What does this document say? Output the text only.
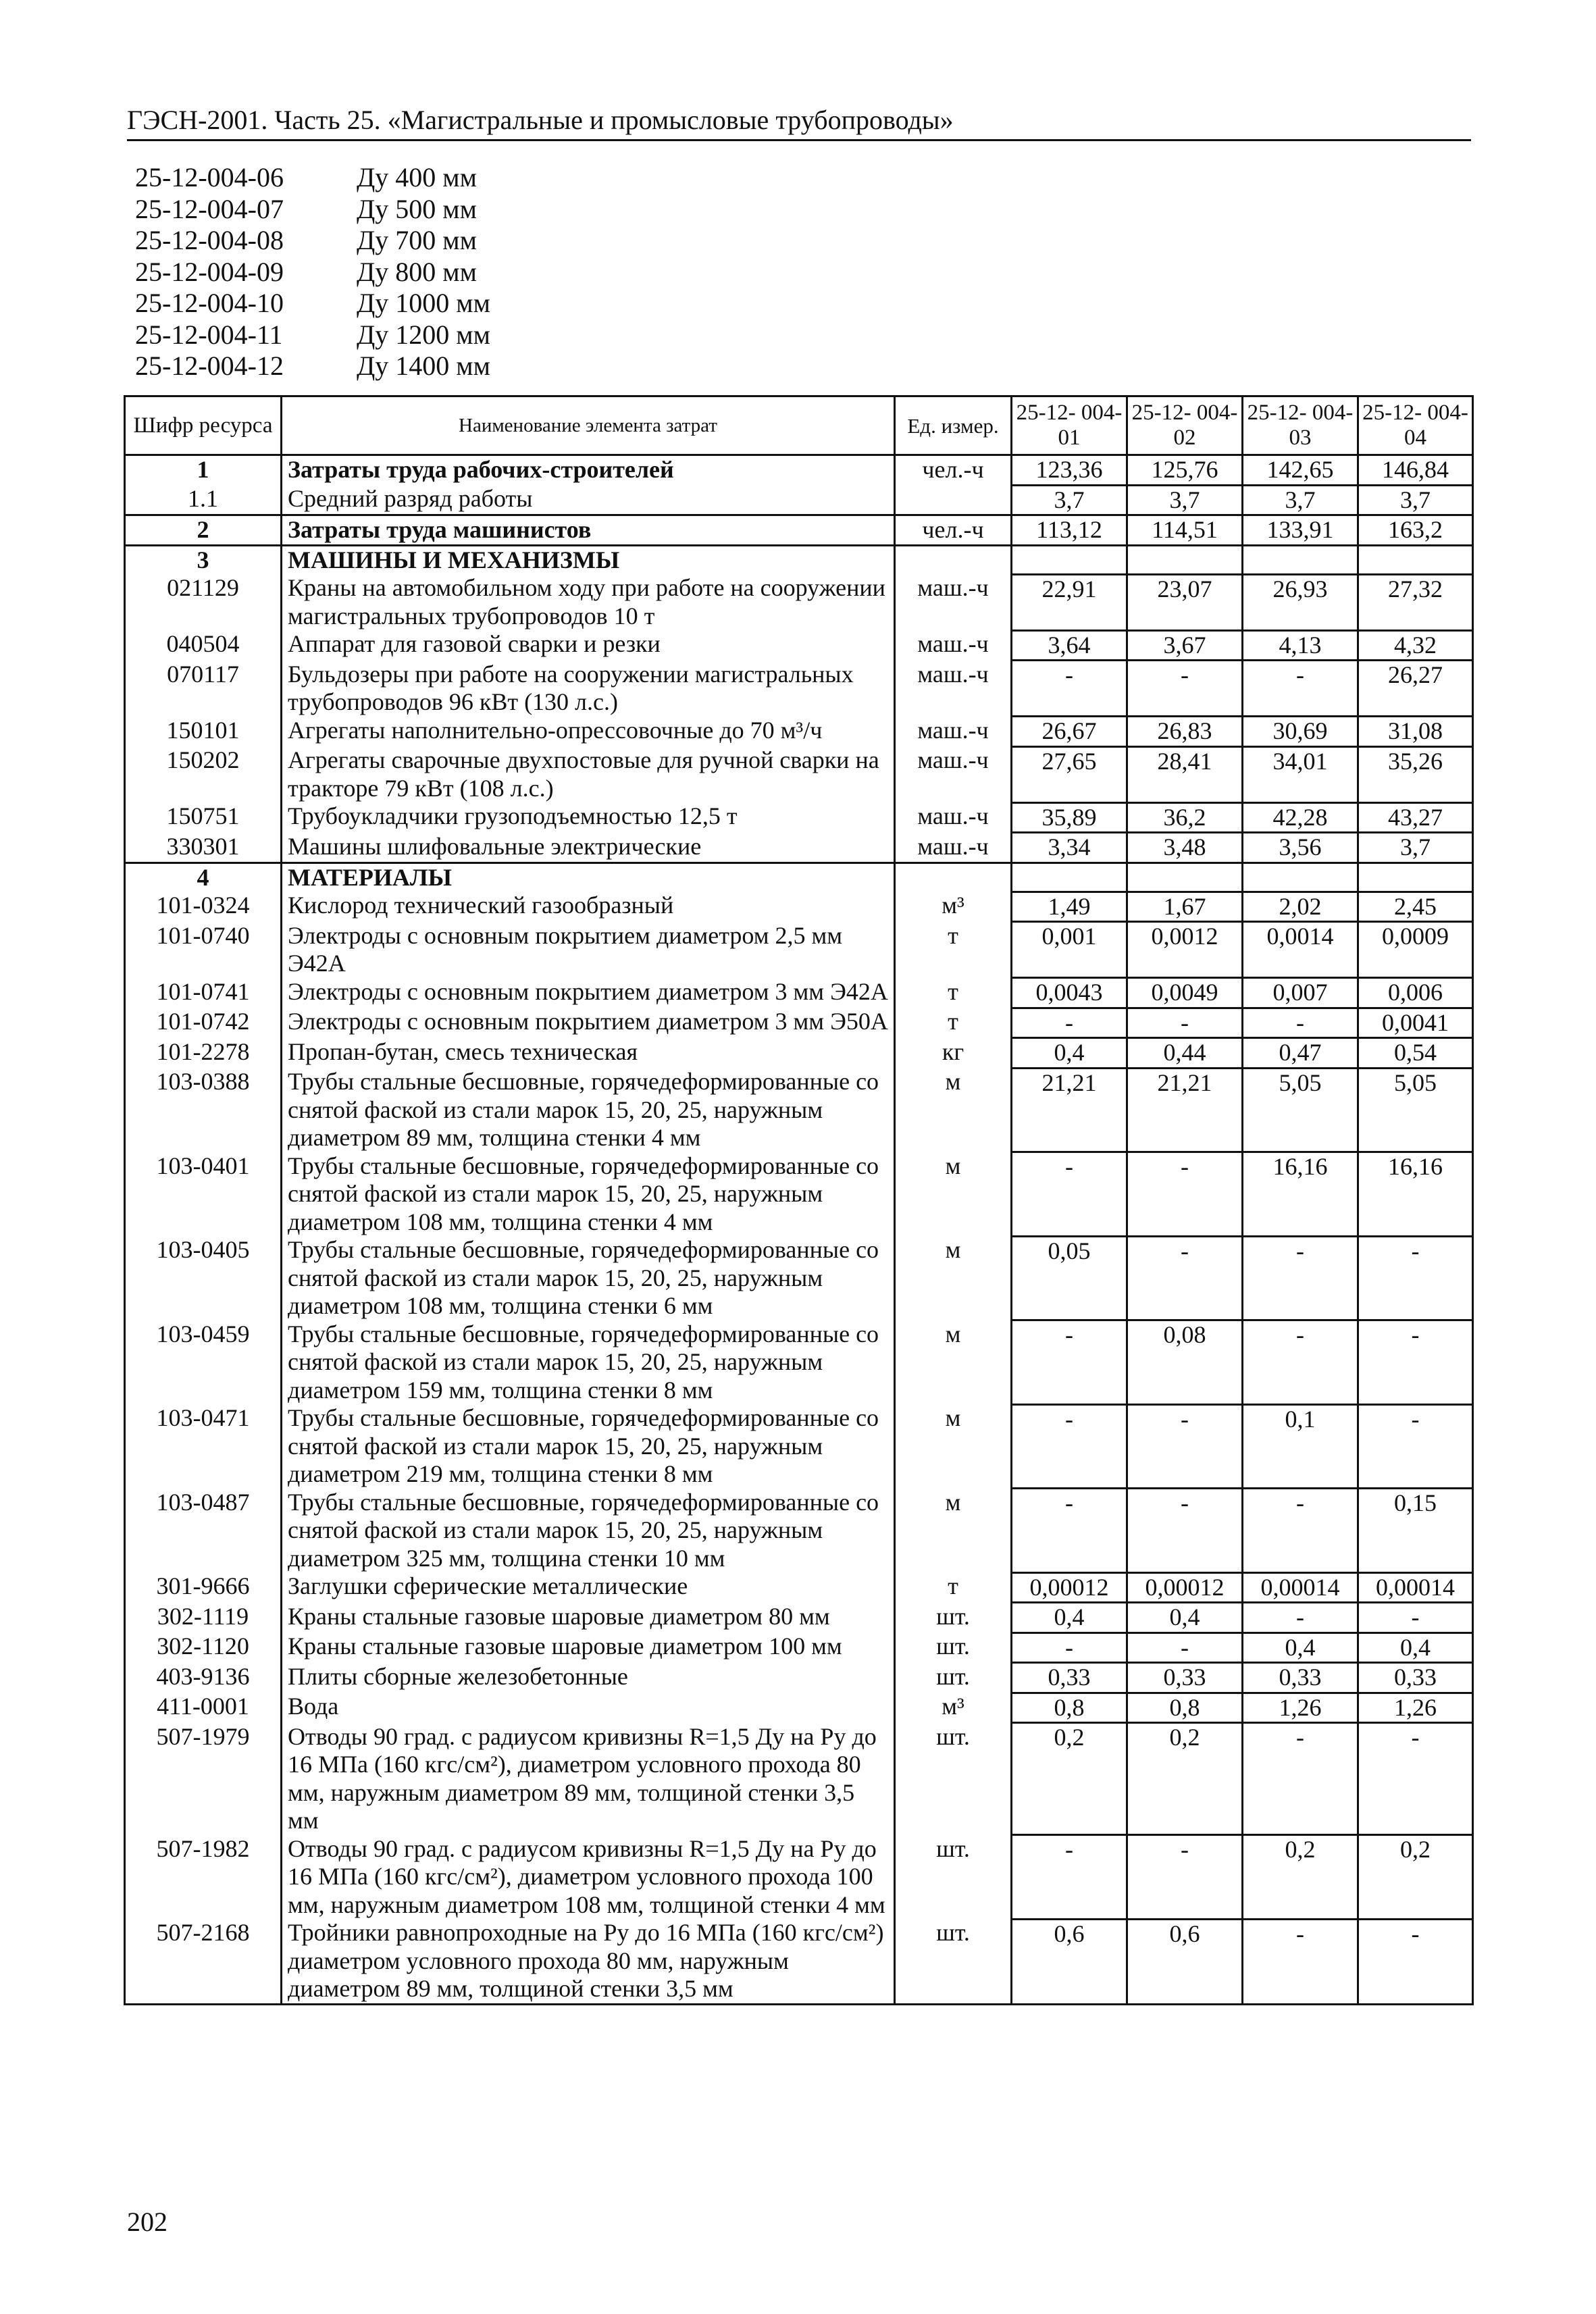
ГЭСН-2001. Часть 25. «Магистральные и промысловые трубопроводы»
25-12-004-06	Ду 400 мм
25-12-004-07	Ду 500 мм
25-12-004-08	Ду 700 мм
25-12-004-09	Ду 800 мм
25-12-004-10	Ду 1000 мм
25-12-004-11	Ду 1200 мм
25-12-004-12	Ду 1400 мм
Шифр ресурса	Наименование элемента затрат	Ед. измер.	25-12- 004-01	25-12- 004-02	25-12- 004-03	25-12- 004-04
1	Затраты труда рабочих-строителей	чел.-ч	123,36	125,76	142,65	146,84
1.1	Средний разряд работы		3,7	3,7	3,7	3,7
2	Затраты труда машинистов	чел.-ч	113,12	114,51	133,91	163,2
3	МАШИНЫ И МЕХАНИЗМЫ					
021129	Краны на автомобильном ходу при работе на сооружении магистральных трубопроводов 10 т	маш.-ч	22,91	23,07	26,93	27,32
040504	Аппарат для газовой сварки и резки	маш.-ч	3,64	3,67	4,13	4,32
070117	Бульдозеры при работе на сооружении магистральных трубопроводов 96 кВт (130 л.с.)	маш.-ч	-	-	-	26,27
150101	Агрегаты наполнительно-опрессовочные до 70 м³/ч	маш.-ч	26,67	26,83	30,69	31,08
150202	Агрегаты сварочные двухпостовые для ручной сварки на тракторе 79 кВт (108 л.с.)	маш.-ч	27,65	28,41	34,01	35,26
150751	Трубоукладчики грузоподъемностью 12,5 т	маш.-ч	35,89	36,2	42,28	43,27
330301	Машины шлифовальные электрические	маш.-ч	3,34	3,48	3,56	3,7
4	МАТЕРИАЛЫ					
101-0324	Кислород технический газообразный	м³	1,49	1,67	2,02	2,45
101-0740	Электроды с основным покрытием диаметром 2,5 мм Э42А	т	0,001	0,0012	0,0014	0,0009
101-0741	Электроды с основным покрытием диаметром 3 мм Э42А	т	0,0043	0,0049	0,007	0,006
101-0742	Электроды с основным покрытием диаметром 3 мм Э50А	т	-	-	-	0,0041
101-2278	Пропан-бутан, смесь техническая	кг	0,4	0,44	0,47	0,54
103-0388	Трубы стальные бесшовные, горячедеформированные со снятой фаской из стали марок 15, 20, 25, наружным диаметром 89 мм, толщина стенки 4 мм	м	21,21	21,21	5,05	5,05
103-0401	Трубы стальные бесшовные, горячедеформированные со снятой фаской из стали марок 15, 20, 25, наружным диаметром 108 мм, толщина стенки 4 мм	м	-	-	16,16	16,16
103-0405	Трубы стальные бесшовные, горячедеформированные со снятой фаской из стали марок 15, 20, 25, наружным диаметром 108 мм, толщина стенки 6 мм	м	0,05	-	-	-
103-0459	Трубы стальные бесшовные, горячедеформированные со снятой фаской из стали марок 15, 20, 25, наружным диаметром 159 мм, толщина стенки 8 мм	м	-	0,08	-	-
103-0471	Трубы стальные бесшовные, горячедеформированные со снятой фаской из стали марок 15, 20, 25, наружным диаметром 219 мм, толщина стенки 8 мм	м	-	-	0,1	-
103-0487	Трубы стальные бесшовные, горячедеформированные со снятой фаской из стали марок 15, 20, 25, наружным диаметром 325 мм, толщина стенки 10 мм	м	-	-	-	0,15
301-9666	Заглушки сферические металлические	т	0,00012	0,00012	0,00014	0,00014
302-1119	Краны стальные газовые шаровые диаметром 80 мм	шт.	0,4	0,4	-	-
302-1120	Краны стальные газовые шаровые диаметром 100 мм	шт.	-	-	0,4	0,4
403-9136	Плиты сборные железобетонные	шт.	0,33	0,33	0,33	0,33
411-0001	Вода	м³	0,8	0,8	1,26	1,26
507-1979	Отводы 90 град. с радиусом кривизны R=1,5 Ду на Ру до 16 МПа (160 кгс/см²), диаметром условного прохода 80 мм, наружным диаметром 89 мм, толщиной стенки 3,5 мм	шт.	0,2	0,2	-	-
507-1982	Отводы 90 град. с радиусом кривизны R=1,5 Ду на Ру до 16 МПа (160 кгс/см²), диаметром условного прохода 100 мм, наружным диаметром 108 мм, толщиной стенки 4 мм	шт.	-	-	0,2	0,2
507-2168	Тройники равнопроходные на Ру до 16 МПа (160 кгс/см²) диаметром условного прохода 80 мм, наружным диаметром 89 мм, толщиной стенки 3,5 мм	шт.	0,6	0,6	-	-
202
